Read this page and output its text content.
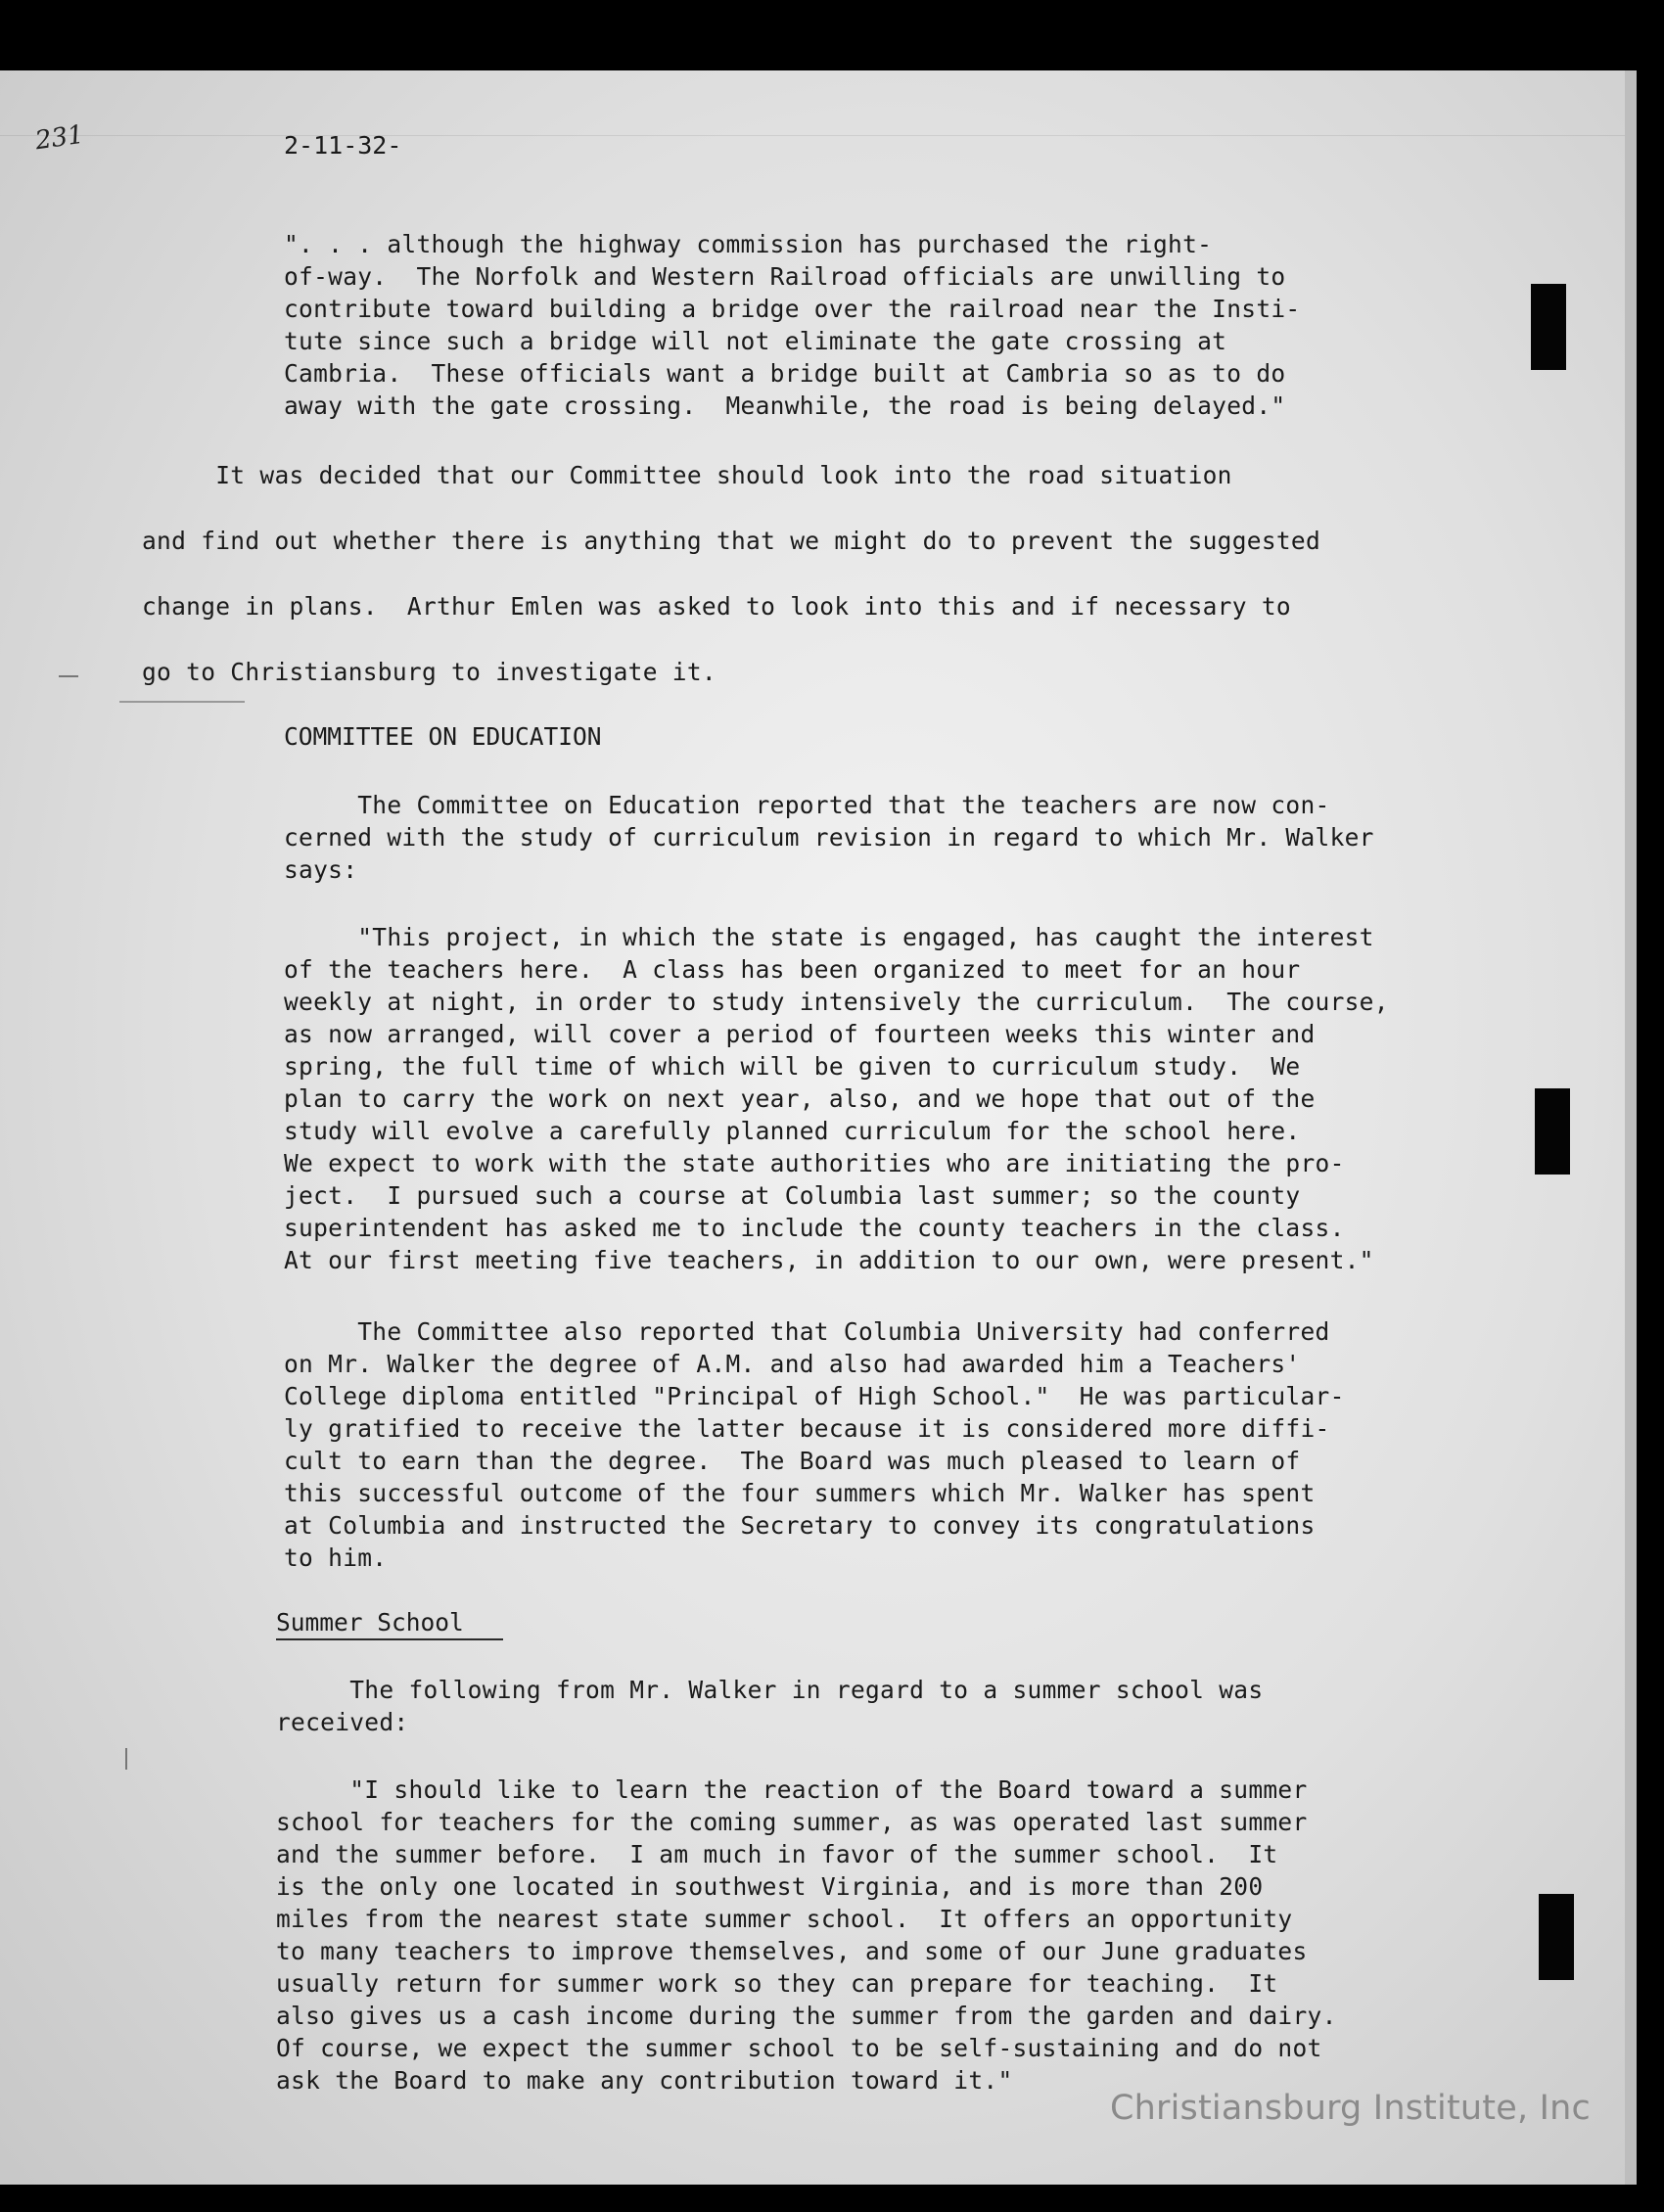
231	2-11-32-
". . . although the highway commission has purchased the right-
of-way.  The Norfolk and Western Railroad officials are unwilling to
contribute toward building a bridge over the railroad near the Insti-
tute since such a bridge will not eliminate the gate crossing at
Cambria.  These officials want a bridge built at Cambria so as to do
away with the gate crossing.  Meanwhile, the road is being delayed."
It was decided that our Committee should look into the road situation
and find out whether there is anything that we might do to prevent the suggested
change in plans.  Arthur Emlen was asked to look into this and if necessary to
go to Christiansburg to investigate it.
COMMITTEE ON EDUCATION
The Committee on Education reported that the teachers are now con-
cerned with the study of curriculum revision in regard to which Mr. Walker
says:
"This project, in which the state is engaged, has caught the interest
of the teachers here.  A class has been organized to meet for an hour
weekly at night, in order to study intensively the curriculum.  The course,
as now arranged, will cover a period of fourteen weeks this winter and
spring, the full time of which will be given to curriculum study.  We
plan to carry the work on next year, also, and we hope that out of the
study will evolve a carefully planned curriculum for the school here.
We expect to work with the state authorities who are initiating the pro-
ject.  I pursued such a course at Columbia last summer; so the county
superintendent has asked me to include the county teachers in the class.
At our first meeting five teachers, in addition to our own, were present."
The Committee also reported that Columbia University had conferred
on Mr. Walker the degree of A.M. and also had awarded him a Teachers'
College diploma entitled "Principal of High School."  He was particular-
ly gratified to receive the latter because it is considered more diffi-
cult to earn than the degree.  The Board was much pleased to learn of
this successful outcome of the four summers which Mr. Walker has spent
at Columbia and instructed the Secretary to convey its congratulations
to him.
Summer School
The following from Mr. Walker in regard to a summer school was
received:
"I should like to learn the reaction of the Board toward a summer
school for teachers for the coming summer, as was operated last summer
and the summer before.  I am much in favor of the summer school.  It
is the only one located in southwest Virginia, and is more than 200
miles from the nearest state summer school.  It offers an opportunity
to many teachers to improve themselves, and some of our June graduates
usually return for summer work so they can prepare for teaching.  It
also gives us a cash income during the summer from the garden and dairy.
Of course, we expect the summer school to be self-sustaining and do not
ask the Board to make any contribution toward it."
Christiansburg Institute, Inc
